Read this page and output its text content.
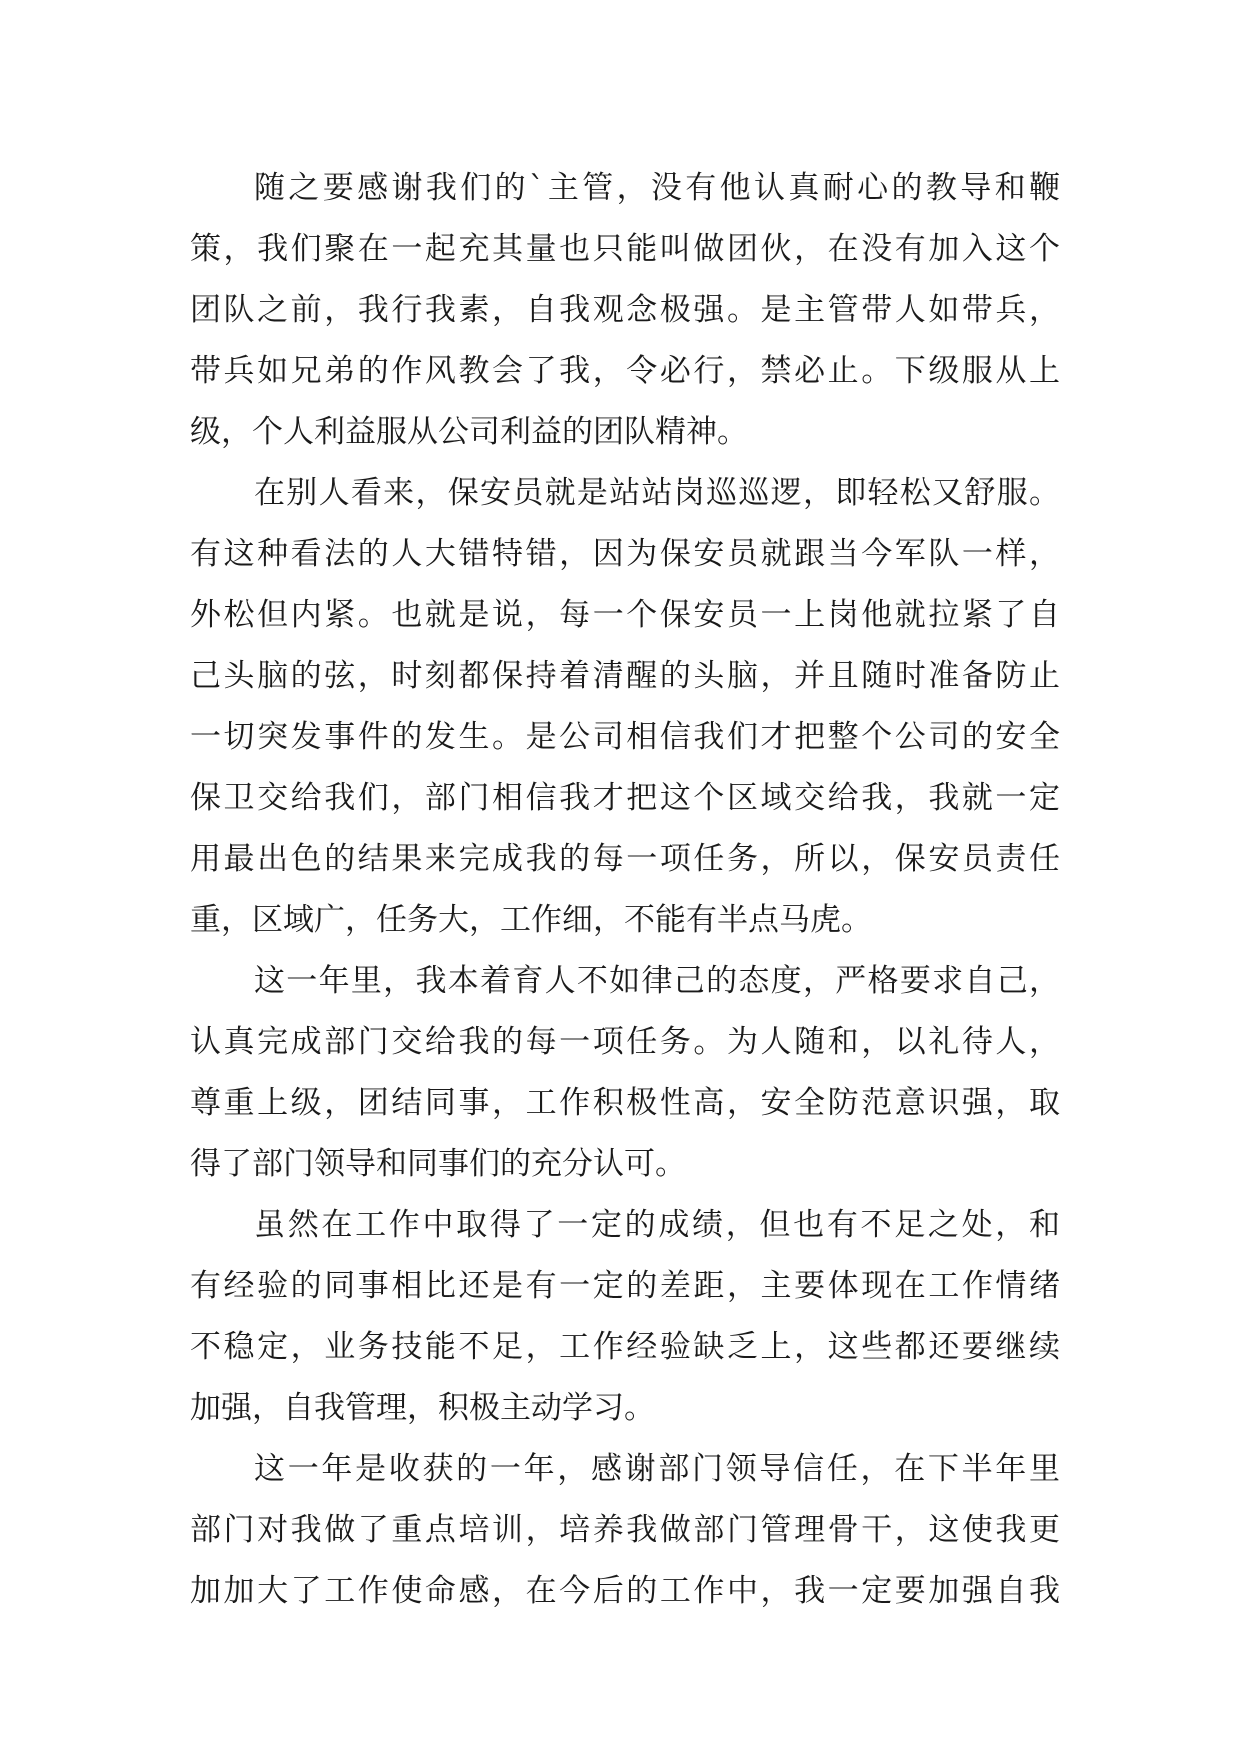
随之要感谢我们的`主管，没有他认真耐心的教导和鞭
策，我们聚在一起充其量也只能叫做团伙，在没有加入这个
团队之前，我行我素，自我观念极强。是主管带人如带兵，
带兵如兄弟的作风教会了我，令必行，禁必止。下级服从上
级，个人利益服从公司利益的团队精神。
在别人看来，保安员就是站站岗巡巡逻，即轻松又舒服。
有这种看法的人大错特错，因为保安员就跟当今军队一样，
外松但内紧。也就是说，每一个保安员一上岗他就拉紧了自
己头脑的弦，时刻都保持着清醒的头脑，并且随时准备防止
一切突发事件的发生。是公司相信我们才把整个公司的安全
保卫交给我们，部门相信我才把这个区域交给我，我就一定
用最出色的结果来完成我的每一项任务，所以，保安员责任
重，区域广，任务大，工作细，不能有半点马虎。
这一年里，我本着育人不如律己的态度，严格要求自己，
认真完成部门交给我的每一项任务。为人随和，以礼待人，
尊重上级，团结同事，工作积极性高，安全防范意识强，取
得了部门领导和同事们的充分认可。
虽然在工作中取得了一定的成绩，但也有不足之处，和
有经验的同事相比还是有一定的差距，主要体现在工作情绪
不稳定，业务技能不足，工作经验缺乏上，这些都还要继续
加强，自我管理，积极主动学习。
这一年是收获的一年，感谢部门领导信任，在下半年里
部门对我做了重点培训，培养我做部门管理骨干，这使我更
加加大了工作使命感，在今后的工作中，我一定要加强自我
